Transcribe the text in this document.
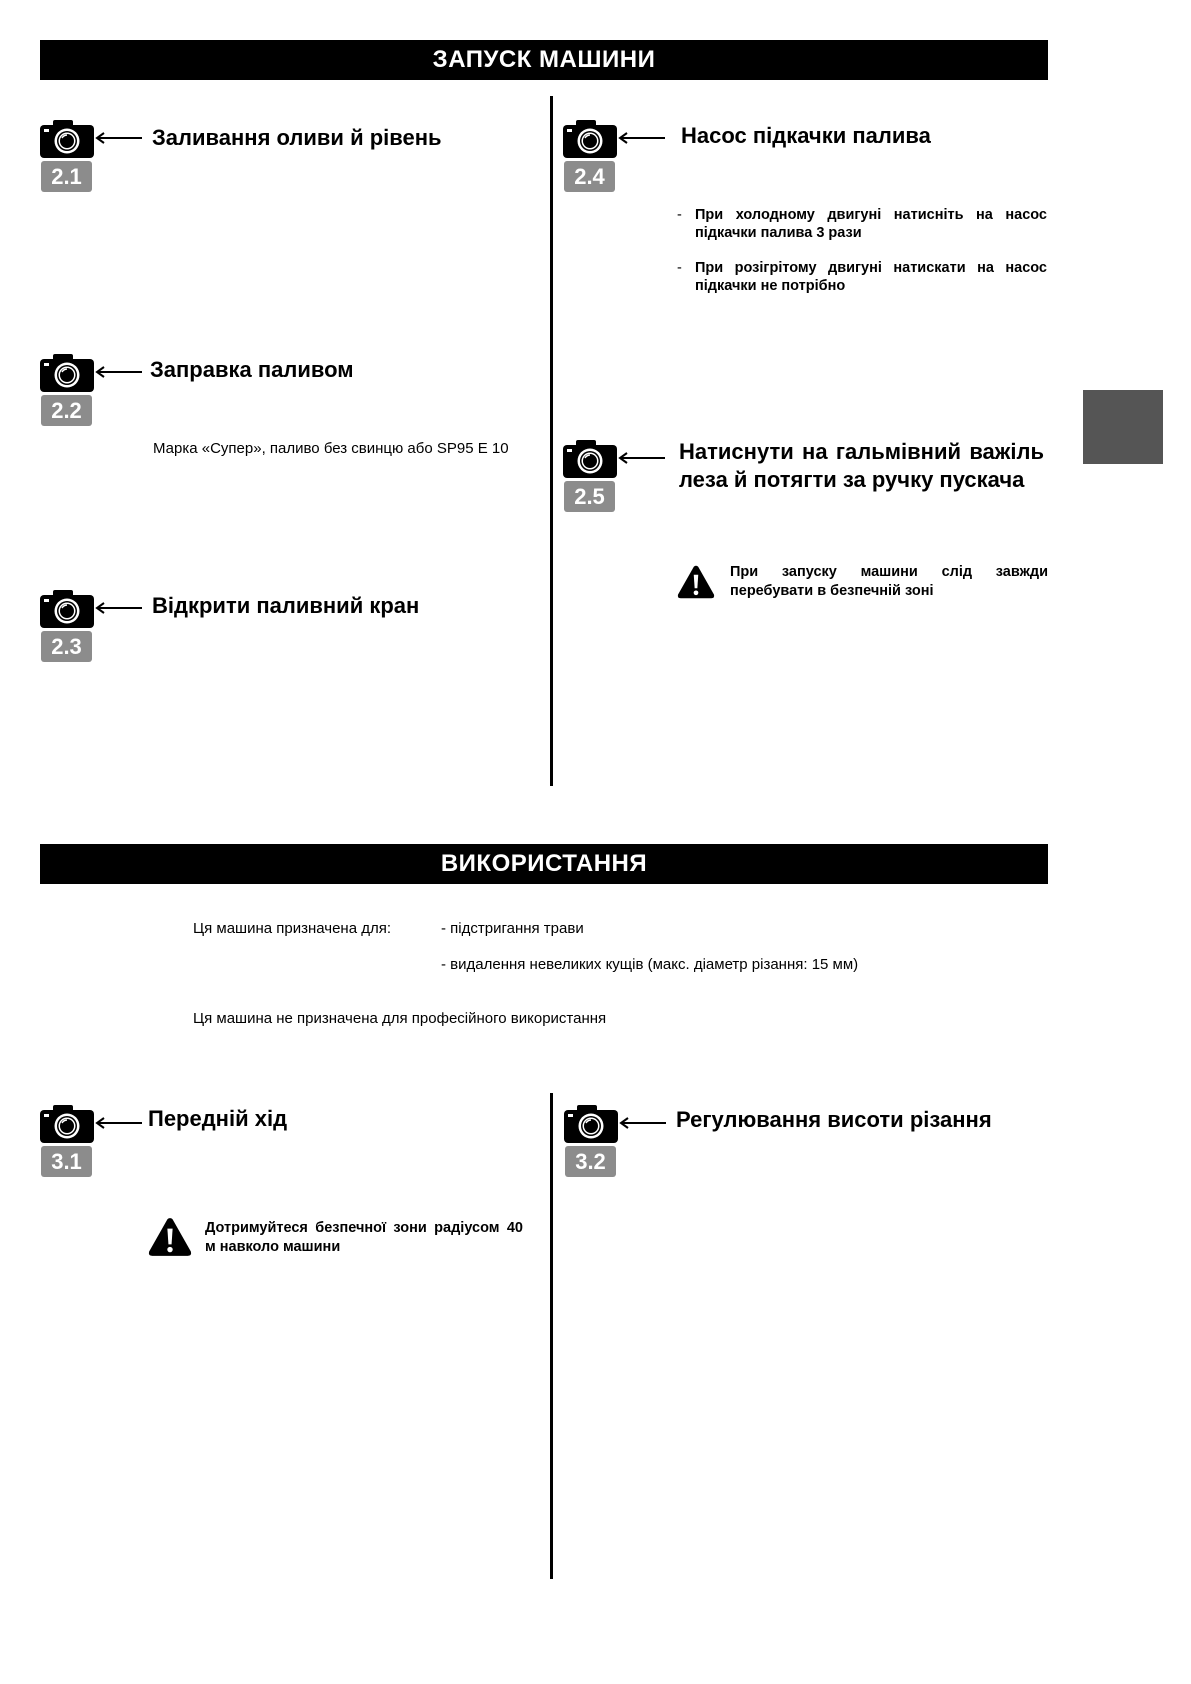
ЗАПУСК МАШИНИ
2.1
Заливання оливи й рівень
2.2
Заправка паливом
Марка «Супер», паливо без свинцю або SP95 E 10
2.3
Відкрити паливний кран
2.4
Насос підкачки палива
- При холодному двигуні натисніть на насос підкачки палива 3 рази
- При розігрітому двигуні натискати на насос підкачки не потрібно
2.5
Натиснути на гальмівний важіль леза й потягти за ручку пускача
При запуску машини слід завжди перебувати в безпечній зоні
ВИКОРИСТАННЯ
Ця машина призначена для:	- підстригання трави
- видалення невеликих кущів (макс. діаметр різання: 15 мм)
Ця машина не призначена для професійного використання
3.1
Передній хід
Дотримуйтеся безпечної зони радіусом 40 м навколо машини
3.2
Регулювання висоти різання
